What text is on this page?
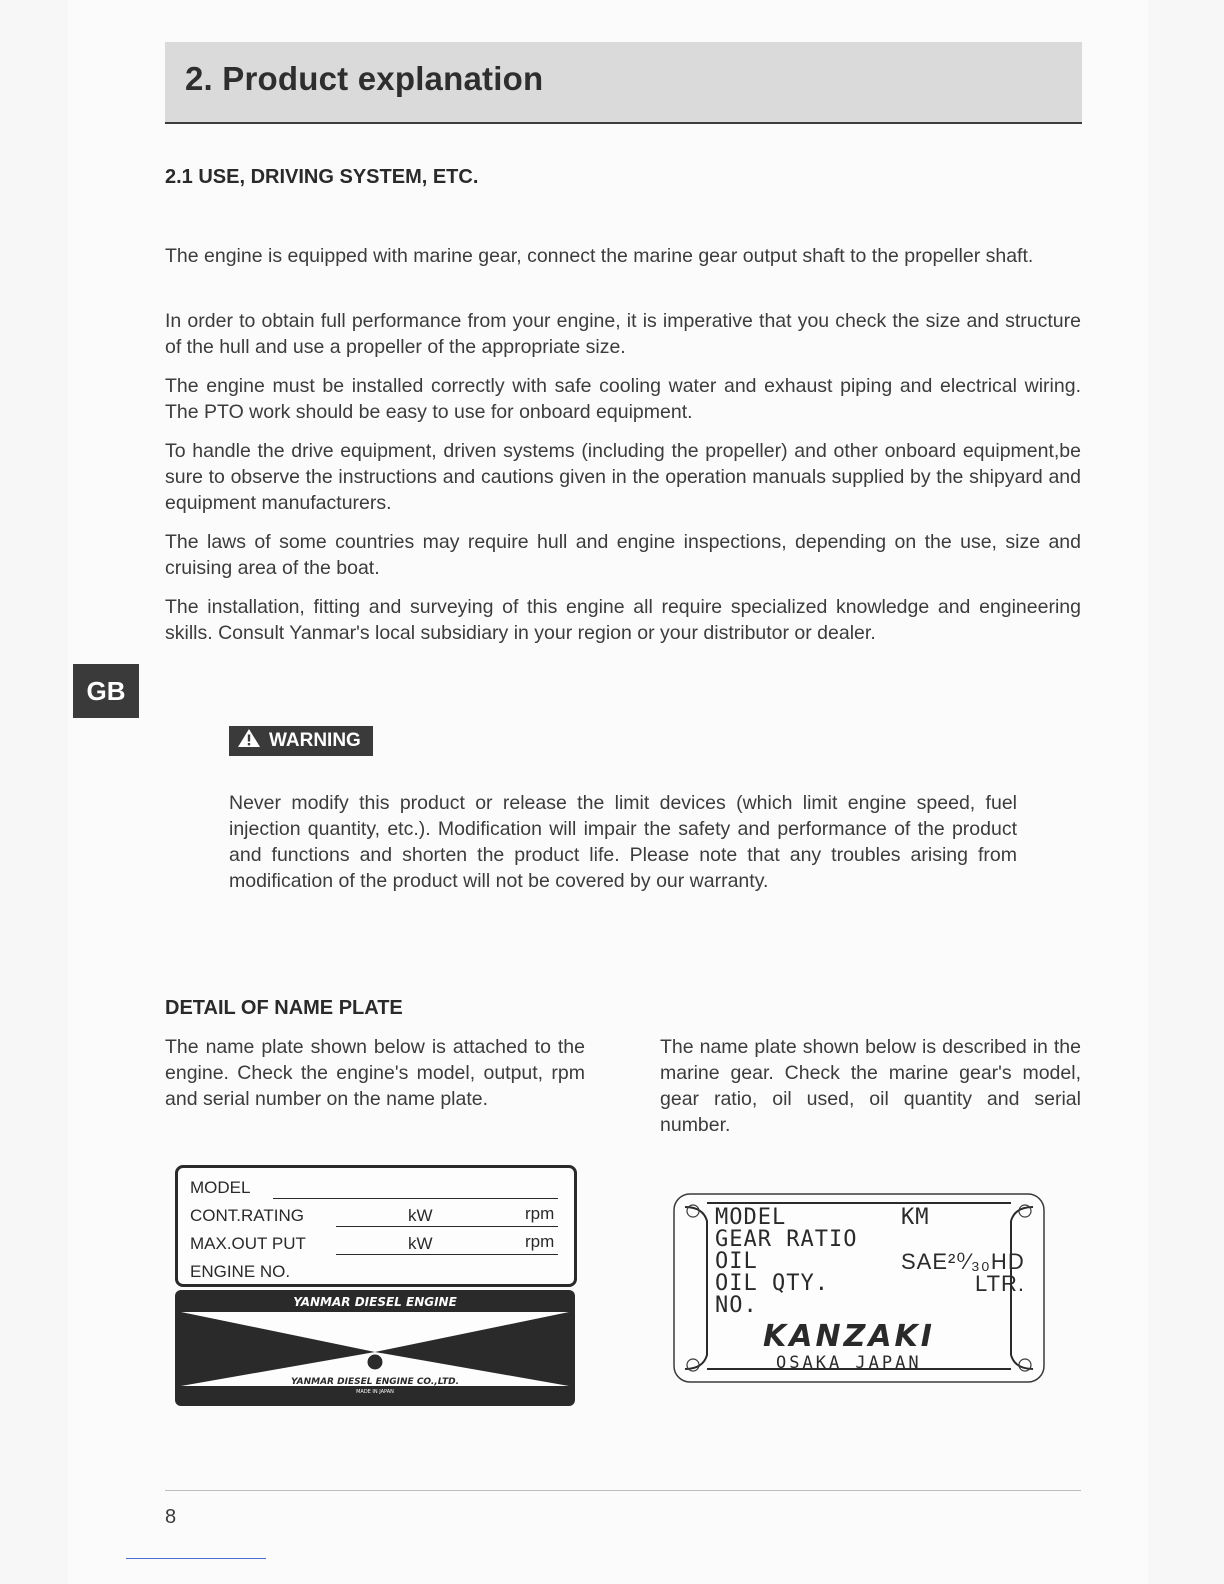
2. Product explanation
2.1 USE, DRIVING SYSTEM, ETC.
The engine is equipped with marine gear, connect the marine gear output shaft to the propeller shaft.
In order to obtain full performance from your engine, it is imperative that you check the size and structure of the hull and use a propeller of the appropriate size.
The engine must be installed correctly with safe cooling water and exhaust piping and electrical wiring. The PTO work should be easy to use for onboard equipment.
To handle the drive equipment, driven systems (including the propeller) and other onboard equipment,be sure to observe the instructions and cautions given in the operation manuals supplied by the shipyard and equipment manufacturers.
The laws of some countries may require hull and engine inspections, depending on the use, size and cruising area of the boat.
The installation, fitting and surveying of this engine all require specialized knowledge and engineering skills. Consult Yanmar's local subsidiary in your region or your distributor or dealer.
GB
WARNING
Never modify this product or release the limit devices (which limit engine speed, fuel injection quantity, etc.). Modification will impair the safety and performance of the product and functions and shorten the product life. Please note that any troubles arising from modification of the product will not be covered by our warranty.
DETAIL OF NAME PLATE
The name plate shown below is attached to the engine. Check the engine's model, output, rpm and serial number on the name plate.
The name plate shown below is described in the marine gear. Check the marine gear's model, gear ratio, oil used, oil quantity and serial number.
MODEL
CONT.RATING	kW	rpm
MAX.OUT PUT	kW	rpm
ENGINE NO.
YANMAR DIESEL ENGINE
YANMAR DIESEL ENGINE CO.,LTD.
MADE IN JAPAN
MODEL	KM
GEAR RATIO
OIL	SAE²⁰⁄₃₀HD
OIL QTY.	LTR.
NO.
KANZAKI
OSAKA JAPAN
8
